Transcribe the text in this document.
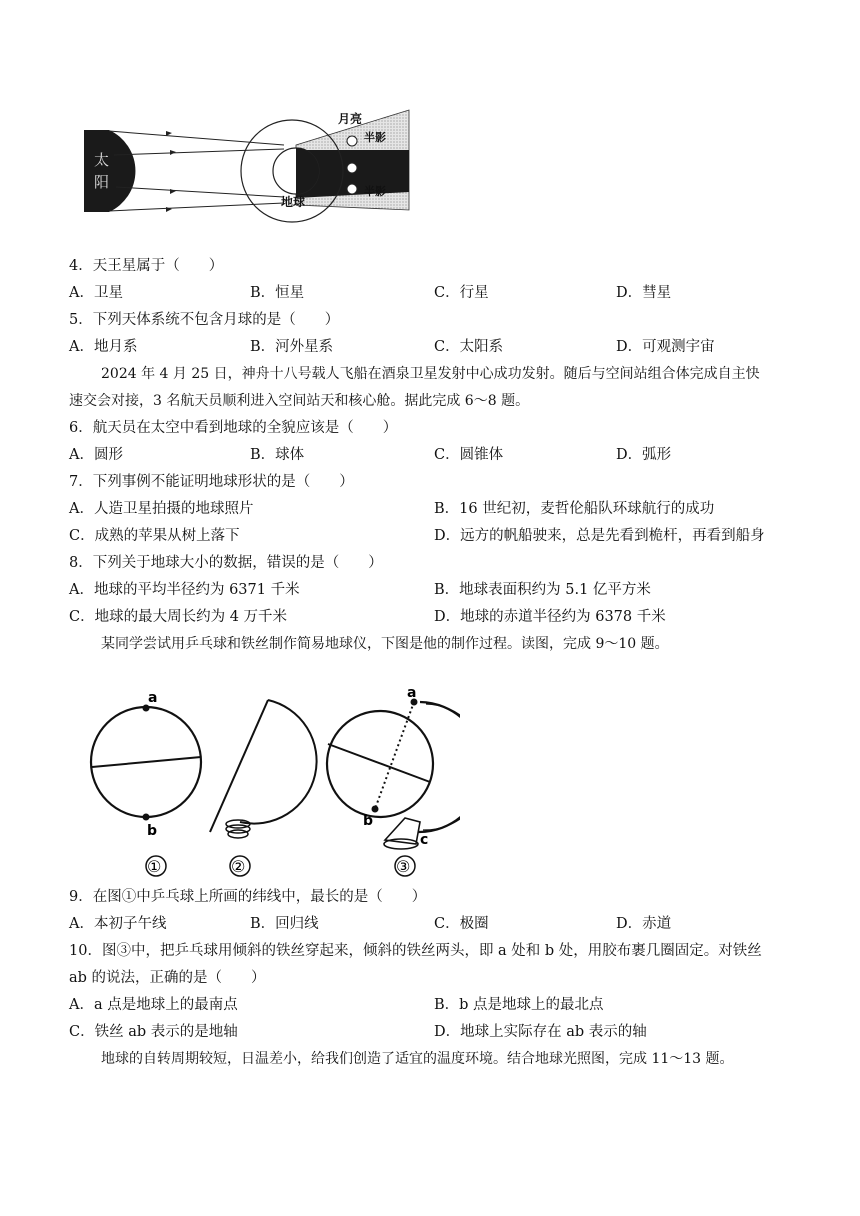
太
阳
月亮
半影
半影
地球
4．天王星属于（　　）
A．卫星	B．恒星	C．行星	D．彗星
5．下列天体系统不包含月球的是（　　）
A．地月系	B．河外星系	C．太阳系	D．可观测宇宙
2024 年 4 月 25 日，神舟十八号载人飞船在酒泉卫星发射中心成功发射。随后与空间站组合体完成自主快
速交会对接，3 名航天员顺利进入空间站天和核心舱。据此完成 6～8 题。
6．航天员在太空中看到地球的全貌应该是（　　）
A．圆形	B．球体	C．圆锥体	D．弧形
7．下列事例不能证明地球形状的是（　　）
A．人造卫星拍摄的地球照片	B．16 世纪初，麦哲伦船队环球航行的成功
C．成熟的苹果从树上落下	D．远方的帆船驶来，总是先看到桅杆，再看到船身
8．下列关于地球大小的数据，错误的是（　　）
A．地球的平均半径约为 6371 千米	B．地球表面积约为 5.1 亿平方米
C．地球的最大周长约为 4 万千米	D．地球的赤道半径约为 6378 千米
某同学尝试用乒乓球和铁丝制作简易地球仪，下图是他的制作过程。读图，完成 9～10 题。
a
b
①	②
a
b
c
③
9．在图①中乒乓球上所画的纬线中，最长的是（　　）
A．本初子午线	B．回归线	C．极圈	D．赤道
10．图③中，把乒乓球用倾斜的铁丝穿起来，倾斜的铁丝两头，即 a 处和 b 处，用胶布裹几圈固定。对铁丝
ab 的说法，正确的是（　　）
A．a 点是地球上的最南点	B．b 点是地球上的最北点
C．铁丝 ab 表示的是地轴	D．地球上实际存在 ab 表示的轴
地球的自转周期较短，日温差小，给我们创造了适宜的温度环境。结合地球光照图，完成 11～13 题。
